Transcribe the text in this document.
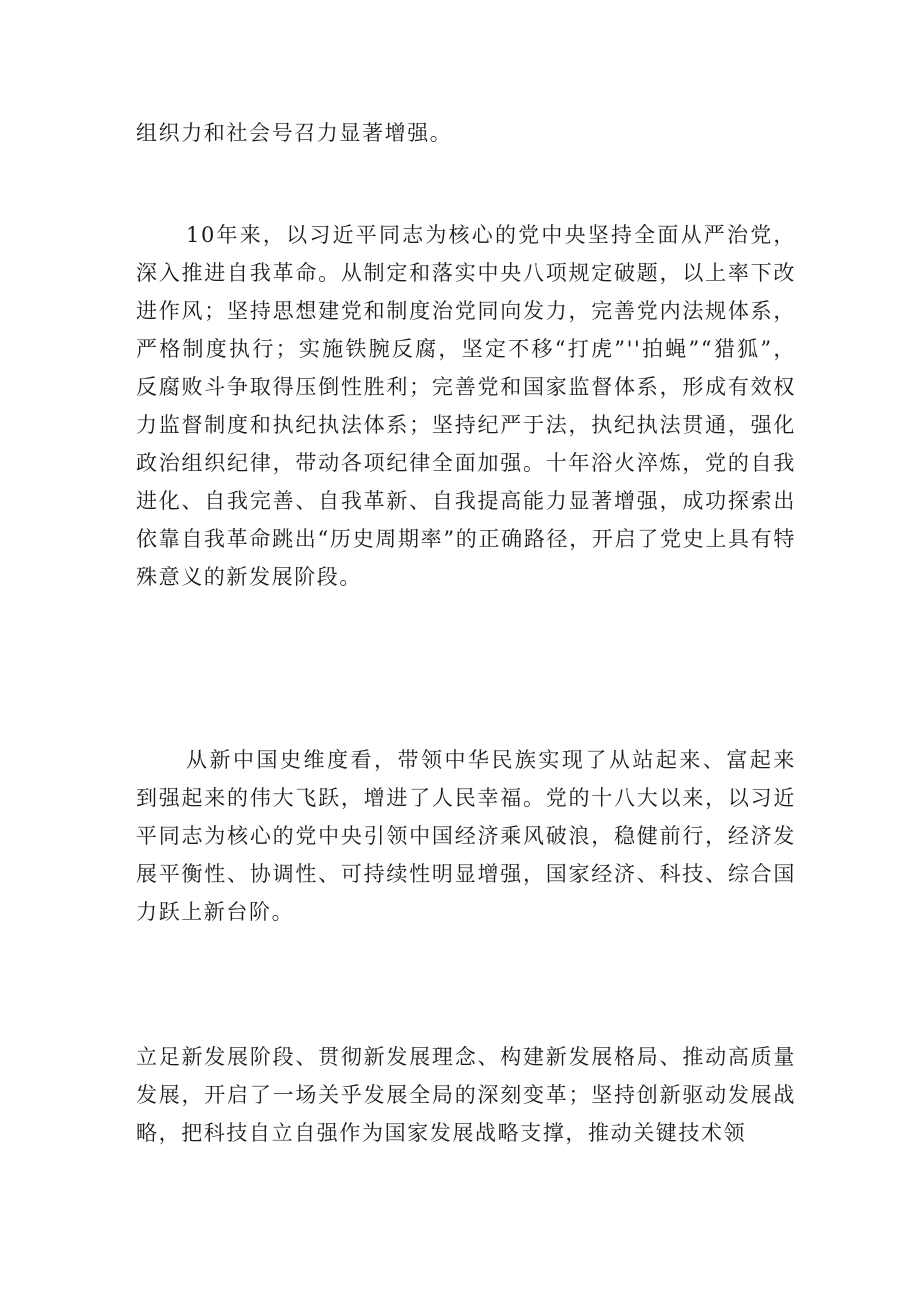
组织力和社会号召力显著增强。

10年来，以习近平同志为核心的党中央坚持全面从严治党，深入推进自我革命。从制定和落实中央八项规定破题，以上率下改进作风；坚持思想建党和制度治党同向发力，完善党内法规体系，严格制度执行；实施铁腕反腐，坚定不移“打虎”''拍蝇”“猎狐”，反腐败斗争取得压倒性胜利；完善党和国家监督体系，形成有效权力监督制度和执纪执法体系；坚持纪严于法，执纪执法贯通，强化政治组织纪律，带动各项纪律全面加强。十年浴火淬炼，党的自我进化、自我完善、自我革新、自我提高能力显著增强，成功探索出依靠自我革命跳出“历史周期率”的正确路径，开启了党史上具有特殊意义的新发展阶段。

从新中国史维度看，带领中华民族实现了从站起来、富起来到强起来的伟大飞跃，增进了人民幸福。党的十八大以来，以习近平同志为核心的党中央引领中国经济乘风破浪，稳健前行，经济发展平衡性、协调性、可持续性明显增强，国家经济、科技、综合国力跃上新台阶。

立足新发展阶段、贯彻新发展理念、构建新发展格局、推动高质量发展，开启了一场关乎发展全局的深刻变革；坚持创新驱动发展战略，把科技自立自强作为国家发展战略支撑，推动关键技术领
